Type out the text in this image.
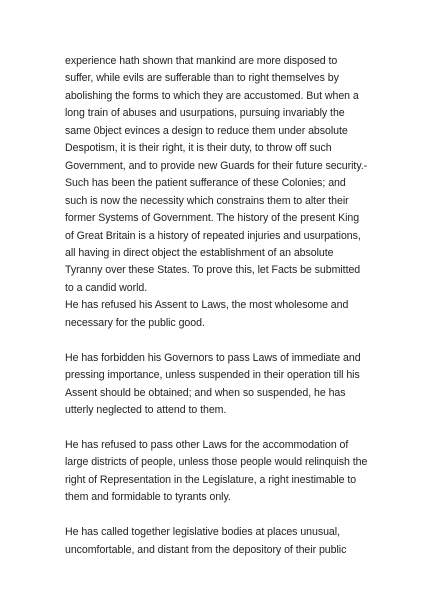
experience hath shown that mankind are more disposed to suffer, while evils are sufferable than to right themselves by abolishing the forms to which they are accustomed. But when a long train of abuses and usurpations, pursuing invariably the same 0bject evinces a design to reduce them under absolute Despotism, it is their right, it is their duty, to throw off such Government, and to provide new Guards for their future security.-Such has been the patient sufferance of these Colonies; and such is now the necessity which constrains them to alter their former Systems of Government. The history of the present King of Great Britain is a history of repeated injuries and usurpations, all having in direct object the establishment of an absolute Tyranny over these States. To prove this, let Facts be submitted to a candid world.

He has refused his Assent to Laws, the most wholesome and necessary for the public good.

He has forbidden his Governors to pass Laws of immediate and pressing importance, unless suspended in their operation till his Assent should be obtained; and when so suspended, he has utterly neglected to attend to them.

He has refused to pass other Laws for the accommodation of large districts of people, unless those people would relinquish the right of Representation in the Legislature, a right inestimable to them and formidable to tyrants only.

He has called together legislative bodies at places unusual, uncomfortable, and distant from the depository of their public
